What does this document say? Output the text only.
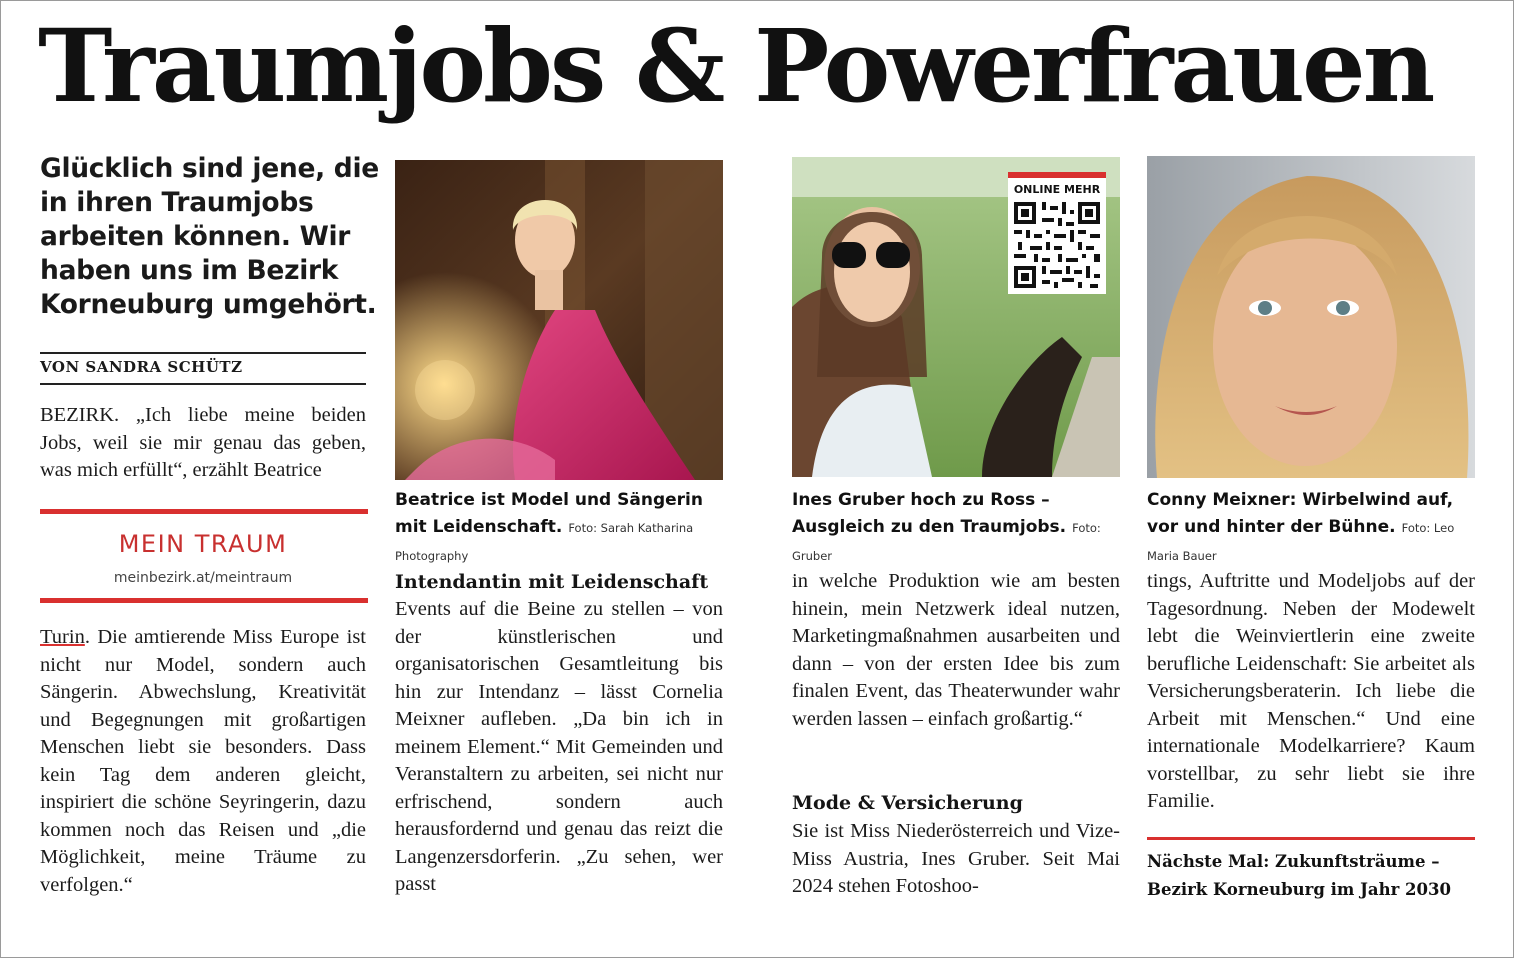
Traumjobs & Powerfrauen
Glücklich sind jene, die in ihren Traumjobs arbeiten können. Wir haben uns im Bezirk Korneuburg umgehört.
VON SANDRA SCHÜTZ
BEZIRK. „Ich liebe meine beiden Jobs, weil sie mir genau das geben, was mich erfüllt“, erzählt Beatrice
MEIN TRAUM
meinbezirk.at/meintraum
Turin. Die amtierende Miss Europe ist nicht nur Model, sondern auch Sängerin. Abwechslung, Kreativität und Begegnungen mit großartigen Menschen liebt sie besonders. Dass kein Tag dem anderen gleicht, inspiriert die schöne Seyringerin, dazu kommen noch das Reisen und „die Möglichkeit, meine Träume zu verfolgen.“
Beatrice ist Model und Sängerin mit Leidenschaft. Foto: Sarah Katharina Photography
Intendantin mit Leidenschaft
Events auf die Beine zu stellen – von der künstlerischen und organisatorischen Gesamtleitung bis hin zur Intendanz – lässt Cornelia Meixner aufleben. „Da bin ich in meinem Element.“ Mit Gemeinden und Veranstaltern zu arbeiten, sei nicht nur erfrischend, sondern auch herausfordernd und genau das reizt die Langenzersdorferin. „Zu sehen, wer passt
ONLINE MEHR
Ines Gruber hoch zu Ross – Ausgleich zu den Traumjobs. Foto: Gruber
in welche Produktion wie am besten hinein, mein Netzwerk ideal nutzen, Marketingmaßnahmen ausarbeiten und dann – von der ersten Idee bis zum finalen Event, das Theaterwunder wahr werden lassen – einfach großartig.“
Mode & Versicherung
Sie ist Miss Niederösterreich und Vize-Miss Austria, Ines Gruber. Seit Mai 2024 stehen Fotoshoo-
Conny Meixner: Wirbelwind auf, vor und hinter der Bühne. Foto: Leo Maria Bauer
tings, Auftritte und Modeljobs auf der Tagesordnung. Neben der Modewelt lebt die Weinviertlerin eine zweite berufliche Leidenschaft: Sie arbeitet als Versicherungsberaterin. Ich liebe die Arbeit mit Menschen.“ Und eine internationale Modelkarriere? Kaum vorstellbar, zu sehr liebt sie ihre Familie.
Nächste Mal: Zukunftsträume – Bezirk Korneuburg im Jahr 2030
